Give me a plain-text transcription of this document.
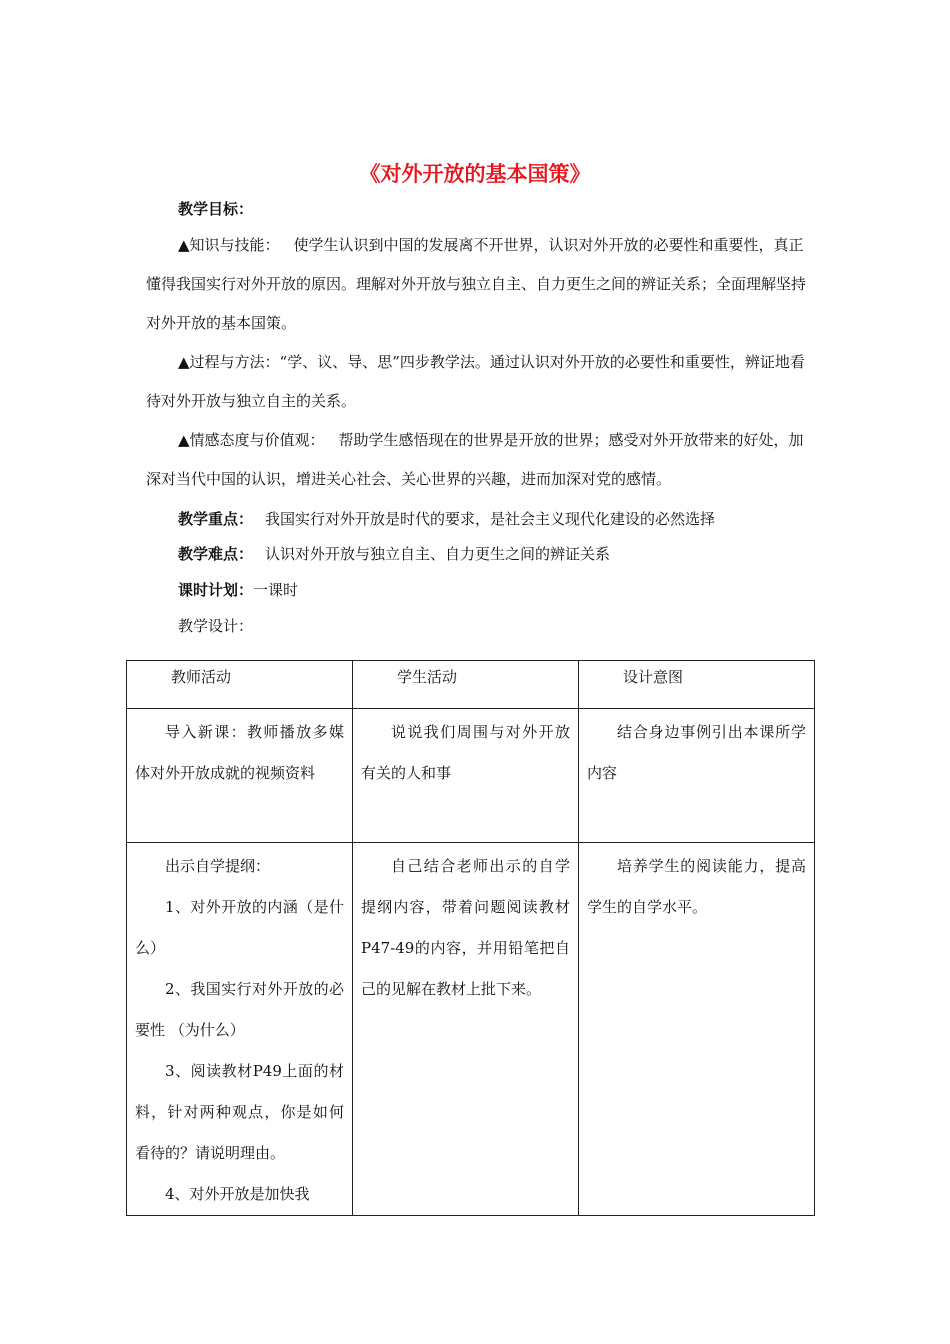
《对外开放的基本国策》
教学目标：
▲知识与技能： 使学生认识到中国的发展离不开世界，认识对外开放的必要性和重要性，真正懂得我国实行对外开放的原因。理解对外开放与独立自主、自力更生之间的辨证关系；全面理解坚持对外开放的基本国策。
▲过程与方法：“学、议、导、思”四步教学法。通过认识对外开放的必要性和重要性，辨证地看待对外开放与独立自主的关系。
▲情感态度与价值观： 帮助学生感悟现在的世界是开放的世界；感受对外开放带来的好处，加深对当代中国的认识，增进关心社会、关心世界的兴趣，进而加深对党的感情。
教学重点： 我国实行对外开放是时代的要求，是社会主义现代化建设的必然选择
教学难点： 认识对外开放与独立自主、自力更生之间的辨证关系
课时计划：一课时
教学设计：
教师活动	学生活动	设计意图

导入新课：教师播放多媒体对外开放成就的视频资料	说说我们周围与对外开放有关的人和事	结合身边事例引出本课所学内容

出示自学提纲：
1、对外开放的内涵（是什么）
2、我国实行对外开放的必要性 （为什么）
3、阅读教材P49上面的材料，针对两种观点，你是如何看待的？请说明理由。
4、对外开放是加快我	自己结合老师出示的自学提纲内容，带着问题阅读教材P47-49的内容，并用铅笔把自己的见解在教材上批下来。	培养学生的阅读能力，提高学生的自学水平。
